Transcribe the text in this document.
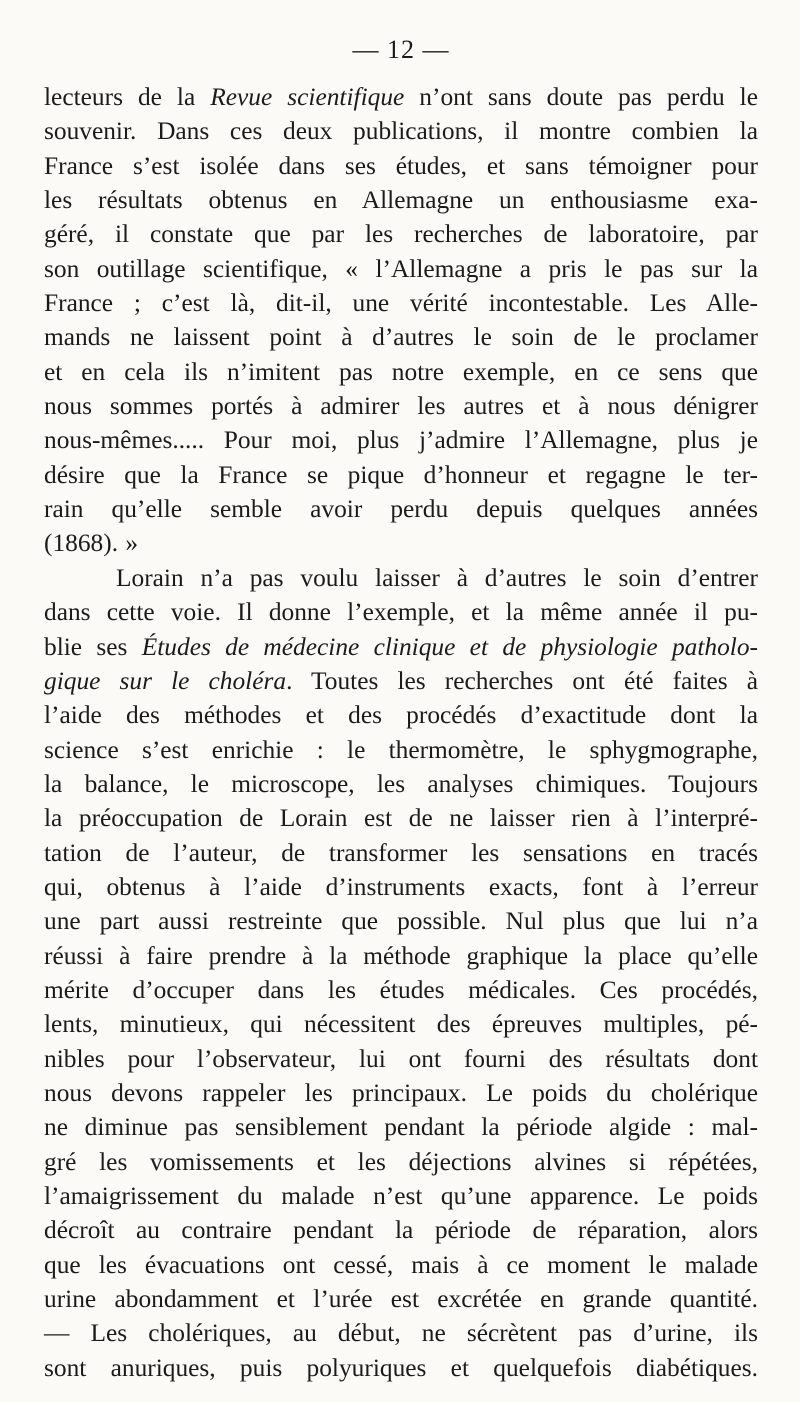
— 12 —
lecteurs de la Revue scientifique n’ont sans doute pas perdu le
souvenir. Dans ces deux publications, il montre combien la
France s’est isolée dans ses études, et sans témoigner pour
les résultats obtenus en Allemagne un enthousiasme exa-
géré, il constate que par les recherches de laboratoire, par
son outillage scientifique, « l’Allemagne a pris le pas sur la
France ; c’est là, dit-il, une vérité incontestable. Les Alle-
mands ne laissent point à d’autres le soin de le proclamer
et en cela ils n’imitent pas notre exemple, en ce sens que
nous sommes portés à admirer les autres et à nous dénigrer
nous-mêmes..... Pour moi, plus j’admire l’Allemagne, plus je
désire que la France se pique d’honneur et regagne le ter-
rain qu’elle semble avoir perdu depuis quelques années
(1868). »
Lorain n’a pas voulu laisser à d’autres le soin d’entrer
dans cette voie. Il donne l’exemple, et la même année il pu-
blie ses Études de médecine clinique et de physiologie patholo-
gique sur le choléra. Toutes les recherches ont été faites à
l’aide des méthodes et des procédés d’exactitude dont la
science s’est enrichie : le thermomètre, le sphygmographe,
la balance, le microscope, les analyses chimiques. Toujours
la préoccupation de Lorain est de ne laisser rien à l’interpré-
tation de l’auteur, de transformer les sensations en tracés
qui, obtenus à l’aide d’instruments exacts, font à l’erreur
une part aussi restreinte que possible. Nul plus que lui n’a
réussi à faire prendre à la méthode graphique la place qu’elle
mérite d’occuper dans les études médicales. Ces procédés,
lents, minutieux, qui nécessitent des épreuves multiples, pé-
nibles pour l’observateur, lui ont fourni des résultats dont
nous devons rappeler les principaux. Le poids du cholérique
ne diminue pas sensiblement pendant la période algide : mal-
gré les vomissements et les déjections alvines si répétées,
l’amaigrissement du malade n’est qu’une apparence. Le poids
décroît au contraire pendant la période de réparation, alors
que les évacuations ont cessé, mais à ce moment le malade
urine abondamment et l’urée est excrétée en grande quantité.
— Les cholériques, au début, ne sécrètent pas d’urine, ils
sont anuriques, puis polyuriques et quelquefois diabétiques.
